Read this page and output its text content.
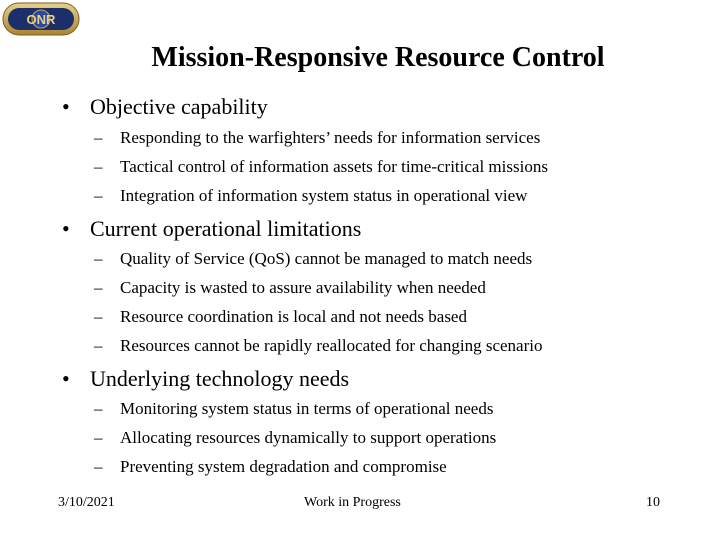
ONR
Mission-Responsive Resource Control
• Objective capability
– Responding to the warfighters’ needs for information services
– Tactical control of information assets for time-critical missions
– Integration of information system status in operational view
• Current operational limitations
– Quality of Service (QoS) cannot be managed to match needs
– Capacity is wasted to assure availability when needed
– Resource coordination is local and not needs based
– Resources cannot be rapidly reallocated for changing scenario
• Underlying technology needs
– Monitoring system status in terms of operational needs
– Allocating resources dynamically to support operations
– Preventing system degradation and compromise
3/10/2021	Work in Progress	10
